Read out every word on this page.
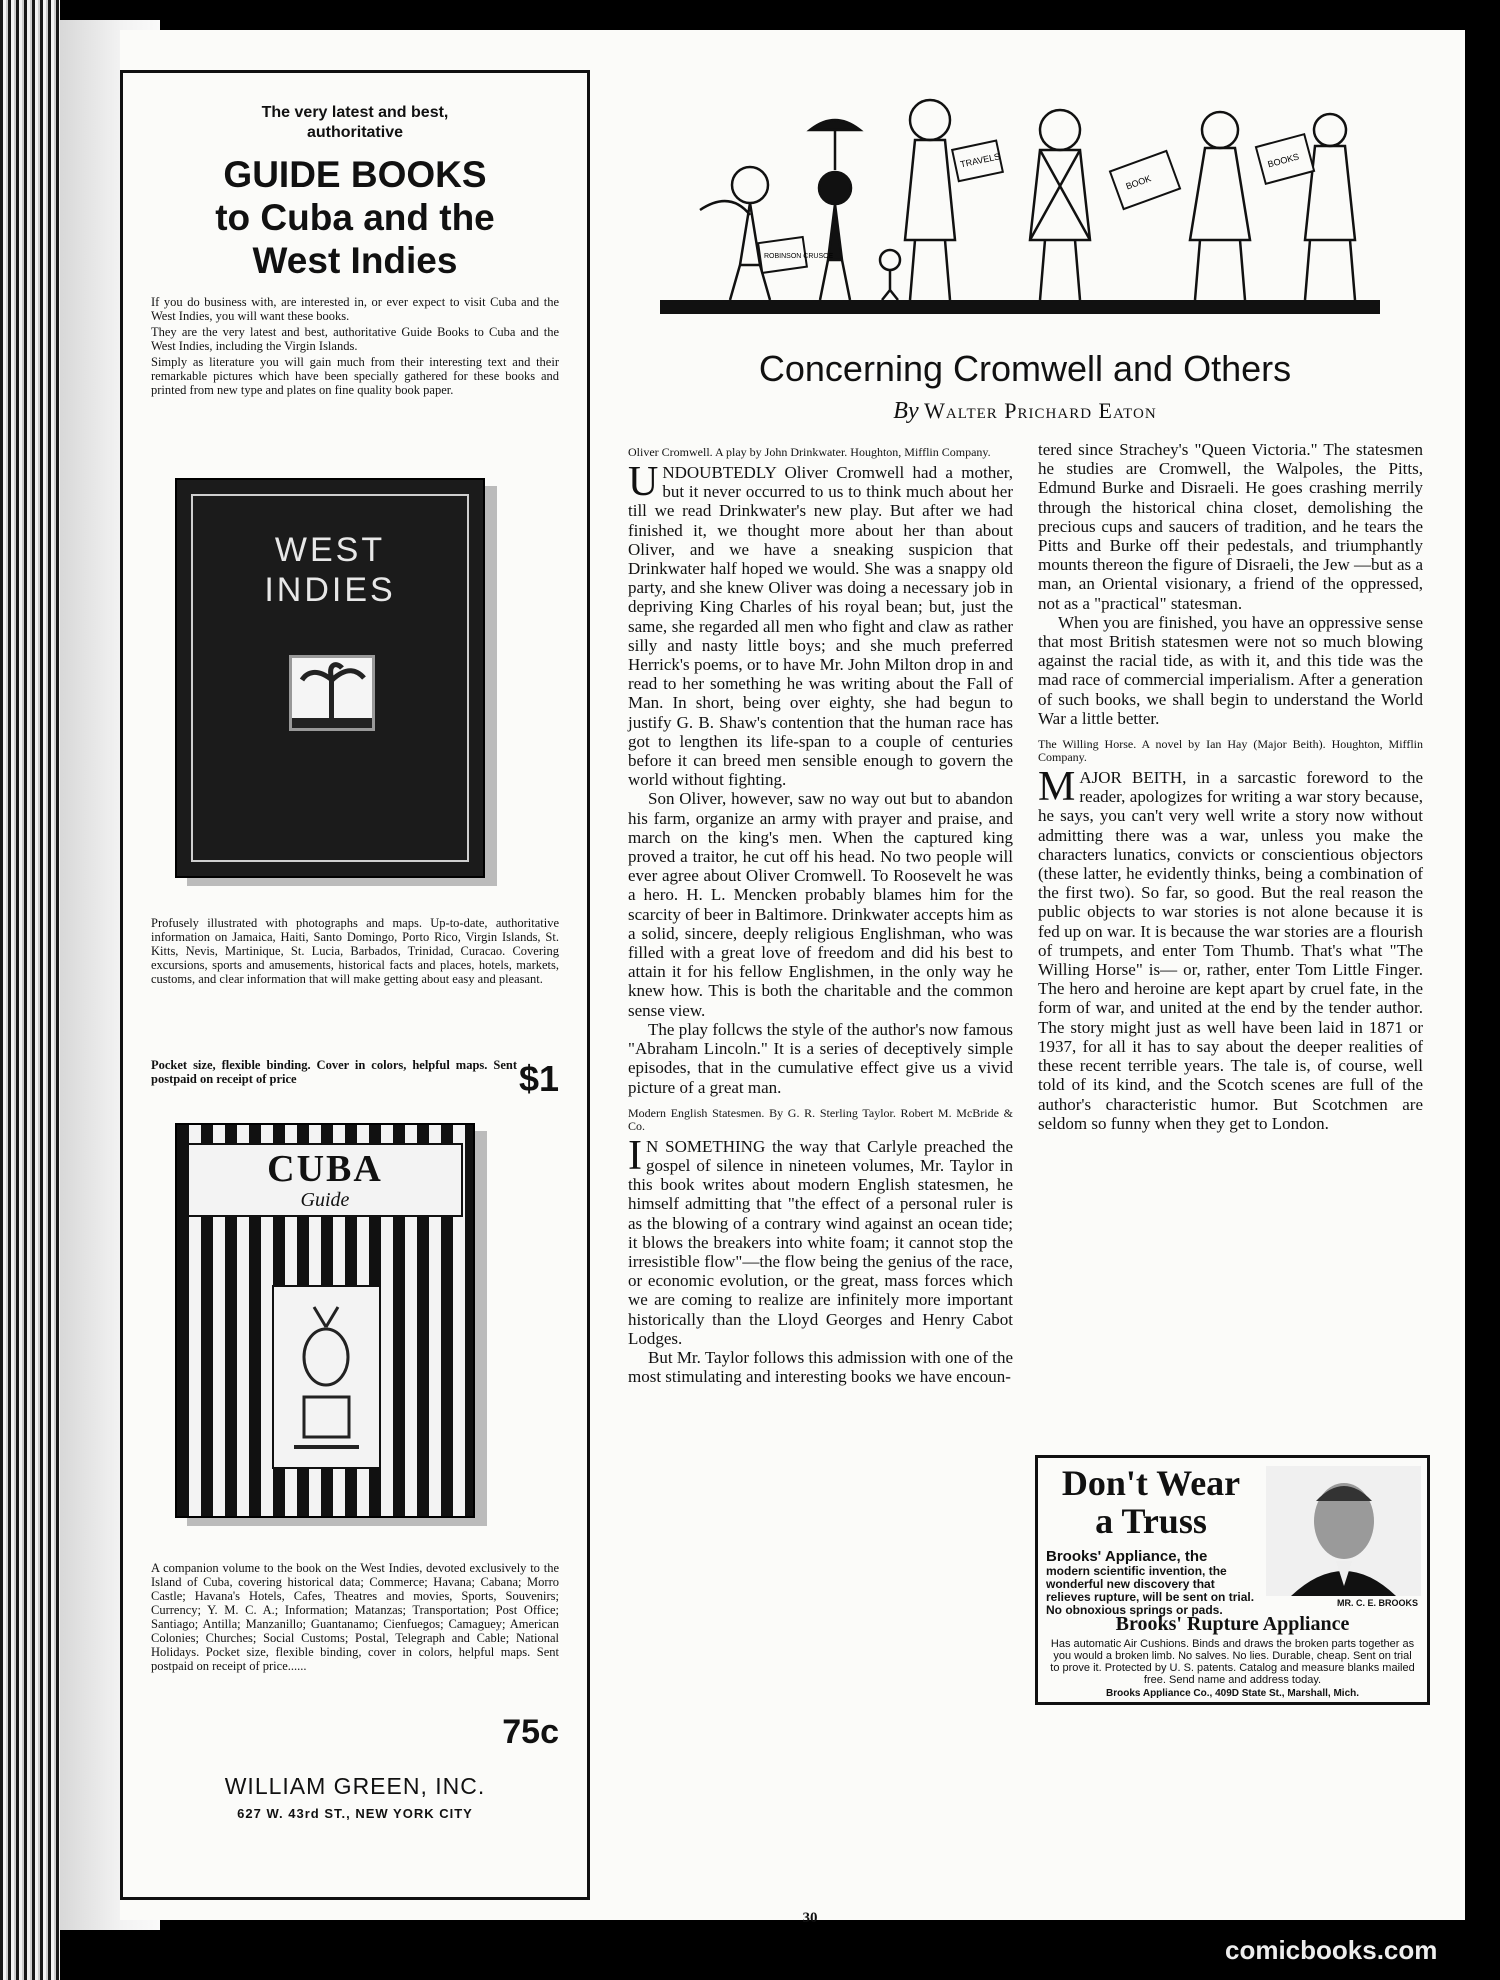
The very latest and best,
authoritative
GUIDE BOOKS
to Cuba and the
West Indies
If you do business with, are interested in, or ever expect to visit Cuba and the West Indies, you will want these books.
They are the very latest and best, authoritative Guide Books to Cuba and the West Indies, including the Virgin Islands.
Simply as literature you will gain much from their interesting text and their remarkable pictures which have been specially gathered for these books and printed from new type and plates on fine quality book paper.
WEST
INDIES
Profusely illustrated with photographs and maps. Up-to-date, authoritative information on Jamaica, Haiti, Santo Domingo, Porto Rico, Virgin Islands, St. Kitts, Nevis, Martinique, St. Lucia, Barbados, Trinidad, Curacao. Covering excursions, sports and amusements, historical facts and places, hotels, markets, customs, and clear information that will make getting about easy and pleasant.
Pocket size, flexible binding. Cover in colors, helpful maps. Sent postpaid on receipt of price	$1
CUBA
Guide
A companion volume to the book on the West Indies, devoted exclusively to the Island of Cuba, covering historical data; Commerce; Havana; Cabana; Morro Castle; Havana's Hotels, Cafes, Theatres and movies, Sports, Souvenirs; Currency; Y. M. C. A.; Information; Matanzas; Transportation; Post Office; Santiago; Antilla; Manzanillo; Guantanamo; Cienfuegos; Camaguey; American Colonies; Churches; Social Customs; Postal, Telegraph and Cable; National Holidays. Pocket size, flexible binding, cover in colors, helpful maps. Sent postpaid on receipt of price......
75c
WILLIAM GREEN, INC.
627 W. 43rd ST., NEW YORK CITY
ROBINSON CRUSOE
TRAVELS
BOOK
BOOKS
Concerning Cromwell and Others
By Walter Prichard Eaton

Oliver Cromwell. A play by John Drinkwater. Houghton, Mifflin Company.

UNDOUBTEDLY Oliver Cromwell had a mother, but it never occurred to us to think much about her till we read Drinkwater's new play. But after we had finished it, we thought more about her than about Oliver, and we have a sneaking suspicion that Drinkwater half hoped we would. She was a snappy old party, and she knew Oliver was doing a necessary job in depriving King Charles of his royal bean; but, just the same, she regarded all men who fight and claw as rather silly and nasty little boys; and she much preferred Herrick's poems, or to have Mr. John Milton drop in and read to her something he was writing about the Fall of Man. In short, being over eighty, she had begun to justify G. B. Shaw's contention that the human race has got to lengthen its life-span to a couple of centuries before it can breed men sensible enough to govern the world without fighting.

Son Oliver, however, saw no way out but to abandon his farm, organize an army with prayer and praise, and march on the king's men. When the captured king proved a traitor, he cut off his head. No two people will ever agree about Oliver Cromwell. To Roosevelt he was a hero. H. L. Mencken probably blames him for the scarcity of beer in Baltimore. Drinkwater accepts him as a solid, sincere, deeply religious Englishman, who was filled with a great love of freedom and did his best to attain it for his fellow Englishmen, in the only way he knew how. This is both the charitable and the common sense view.

The play follcws the style of the author's now famous "Abraham Lincoln." It is a series of deceptively simple episodes, that in the cumulative effect give us a vivid picture of a great man.

Modern English Statesmen. By G. R. Sterling Taylor. Robert M. McBride & Co.

I N SOMETHING the way that Carlyle preached the gospel of silence in nineteen volumes, Mr. Taylor in this book writes about modern English statesmen, he himself admitting that "the effect of a personal ruler is as the blowing of a contrary wind against an ocean tide; it blows the breakers into white foam; it cannot stop the irresistible flow"—the flow being the genius of the race, or economic evolution, or the great, mass forces which we are coming to realize are infinitely more important historically than the Lloyd Georges and Henry Cabot Lodges.

But Mr. Taylor follows this admission with one of the most stimulating and interesting books we have encoun-

tered since Strachey's "Queen Victoria." The statesmen he studies are Cromwell, the Walpoles, the Pitts, Edmund Burke and Disraeli. He goes crashing merrily through the historical china closet, demolishing the precious cups and saucers of tradition, and he tears the Pitts and Burke off their pedestals, and triumphantly mounts thereon the figure of Disraeli, the Jew —but as a man, an Oriental visionary, a friend of the oppressed, not as a "practical" statesman.

When you are finished, you have an oppressive sense that most British statesmen were not so much blowing against the racial tide, as with it, and this tide was the mad race of commercial imperialism. After a generation of such books, we shall begin to understand the World War a little better.

The Willing Horse. A novel by Ian Hay (Major Beith). Houghton, Mifflin Company.

MAJOR BEITH, in a sarcastic foreword to the reader, apologizes for writing a war story because, he says, you can't very well write a story now without admitting there was a war, unless you make the characters lunatics, convicts or conscientious objectors (these latter, he evidently thinks, being a combination of the first two). So far, so good. But the real reason the public objects to war stories is not alone because it is fed up on war. It is because the war stories are a flourish of trumpets, and enter Tom Thumb. That's what "The Willing Horse" is— or, rather, enter Tom Little Finger. The hero and heroine are kept apart by cruel fate, in the form of war, and united at the end by the tender author. The story might just as well have been laid in 1871 or 1937, for all it has to say about the deeper realities of these recent terrible years. The tale is, of course, well told of its kind, and the Scotch scenes are full of the author's characteristic humor. But Scotchmen are seldom so funny when they get to London.

Don't Wear
a Truss
Brooks' Appliance, the
modern scientific invention, the wonderful new discovery that relieves rupture, will be sent on trial. No obnoxious springs or pads.	MR. C. E. BROOKS
Brooks' Rupture Appliance
Has automatic Air Cushions. Binds and draws the broken parts together as you would a broken limb. No salves. No lies. Durable, cheap. Sent on trial to prove it. Protected by U. S. patents. Catalog and measure blanks mailed free. Send name and address today.
Brooks Appliance Co., 409D State St., Marshall, Mich.
30
comicbooks.com
